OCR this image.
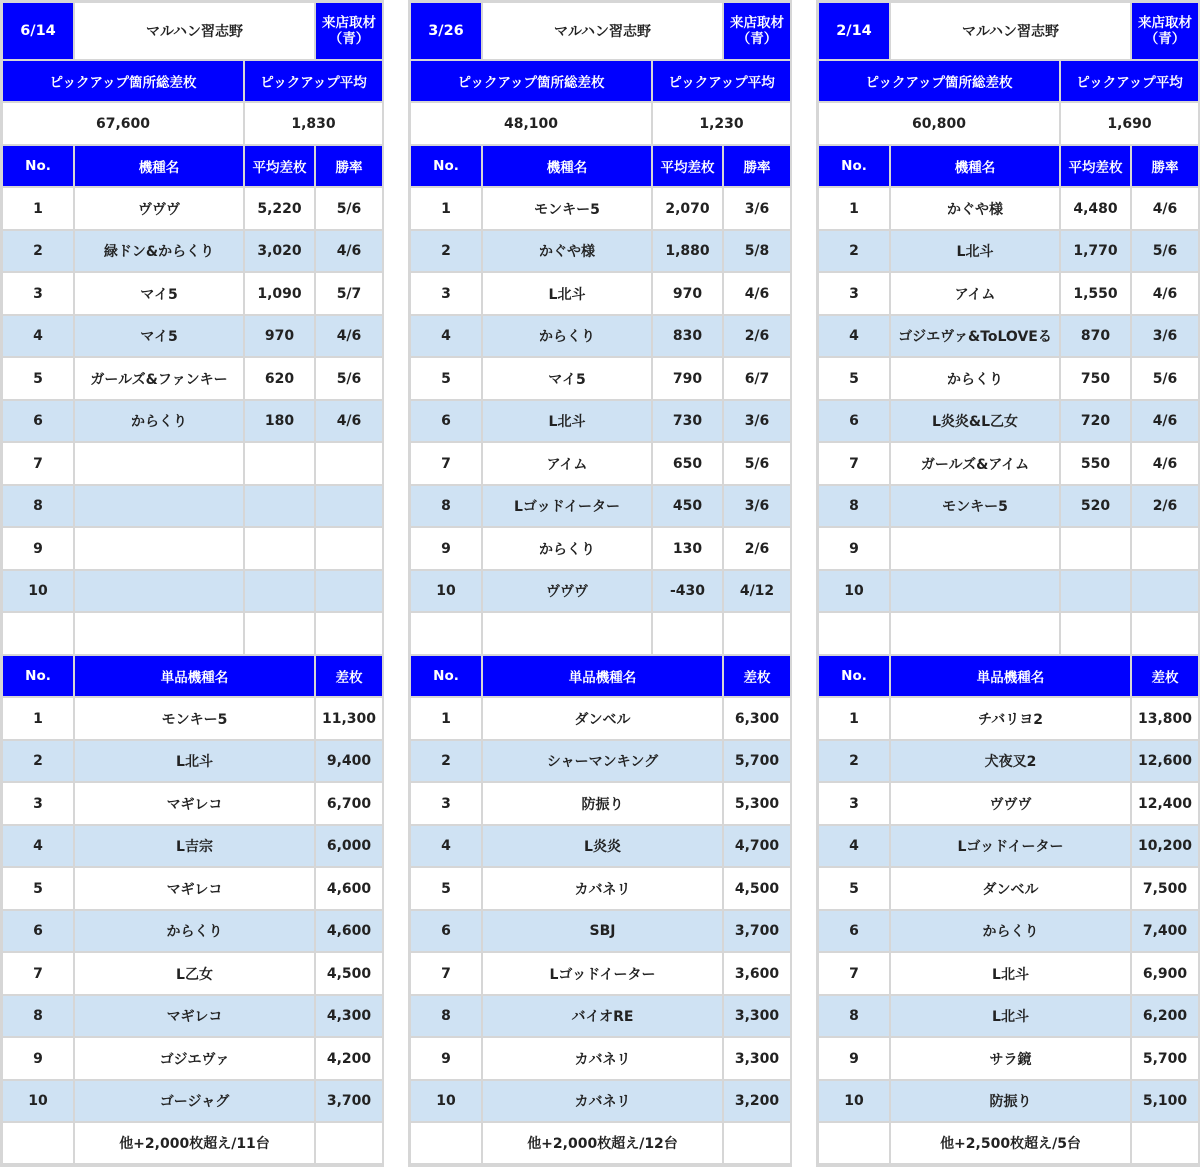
6/14	マルハン習志野
来店取材
（青）
ピックアップ箇所総差枚	ピックアップ平均
67,600	1,830
No.	機種名	平均差枚	勝率
1	ヴヴヴ	5,220	5/6
2	緑ドン&からくり	3,020	4/6
3	マイ5	1,090	5/7
4	マイ5	970	4/6
5	ガールズ&ファンキー	620	5/6
6	からくり	180	4/6
7
8
9
10
No.	単品機種名	差枚
1	モンキー5	11,300
2	L北斗	9,400
3	マギレコ	6,700
4	L吉宗	6,000
5	マギレコ	4,600
6	からくり	4,600
7	L乙女	4,500
8	マギレコ	4,300
9	ゴジエヴァ	4,200
10	ゴージャグ	3,700
他+2,000枚超え/11台
3/26	マルハン習志野
来店取材
（青）
ピックアップ箇所総差枚	ピックアップ平均
48,100	1,230
No.	機種名	平均差枚	勝率
1	モンキー5	2,070	3/6
2	かぐや様	1,880	5/8
3	L北斗	970	4/6
4	からくり	830	2/6
5	マイ5	790	6/7
6	L北斗	730	3/6
7	アイム	650	5/6
8	Lゴッドイーター	450	3/6
9	からくり	130	2/6
10	ヴヴヴ	-430	4/12
No.	単品機種名	差枚
1	ダンベル	6,300
2	シャーマンキング	5,700
3	防振り	5,300
4	L炎炎	4,700
5	カバネリ	4,500
6	SBJ	3,700
7	Lゴッドイーター	3,600
8	バイオRE	3,300
9	カバネリ	3,300
10	カバネリ	3,200
他+2,000枚超え/12台
2/14	マルハン習志野
来店取材
（青）
ピックアップ箇所総差枚	ピックアップ平均
60,800	1,690
No.	機種名	平均差枚	勝率
1	かぐや様	4,480	4/6
2	L北斗	1,770	5/6
3	アイム	1,550	4/6
4	ゴジエヴァ&ToLOVEる	870	3/6
5	からくり	750	5/6
6	L炎炎&L乙女	720	4/6
7	ガールズ&アイム	550	4/6
8	モンキー5	520	2/6
9
10
No.	単品機種名	差枚
1	チバリヨ2	13,800
2	犬夜叉2	12,600
3	ヴヴヴ	12,400
4	Lゴッドイーター	10,200
5	ダンベル	7,500
6	からくり	7,400
7	L北斗	6,900
8	L北斗	6,200
9	サラ鏡	5,700
10	防振り	5,100
他+2,500枚超え/5台
